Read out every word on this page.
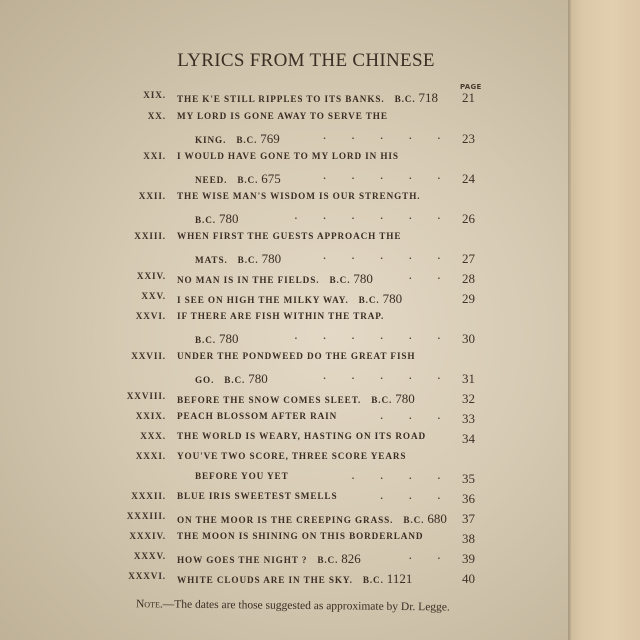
LYRICS FROM THE CHINESE
PAGE
XIX. THE K'E STILL RIPPLES TO ITS BANKS. B.C. 718 21
XX. MY LORD IS GONE AWAY TO SERVE THE
KING. B.C. 769	. . . . . 23
XXI. I WOULD HAVE GONE TO MY LORD IN HIS
NEED. B.C. 675	. . . . . 24
XXII. THE WISE MAN'S WISDOM IS OUR STRENGTH.
B.C. 780	. . . . . . 26
XXIII. WHEN FIRST THE GUESTS APPROACH THE
MATS. B.C. 780	. . . . . 27
XXIV. NO MAN IS IN THE FIELDS. B.C. 780	. . 28
XXV. I SEE ON HIGH THE MILKY WAY. B.C. 780	29
XXVI. IF THERE ARE FISH WITHIN THE TRAP.
B.C. 780	. . . . . . 30
XXVII. UNDER THE PONDWEED DO THE GREAT FISH
GO. B.C. 780	. . . . . 31
XXVIII. BEFORE THE SNOW COMES SLEET. B.C. 780	32
XXIX. PEACH BLOSSOM AFTER RAIN	. . . 33
XXX. THE WORLD IS WEARY, HASTING ON ITS ROAD	34
XXXI. YOU'VE TWO SCORE, THREE SCORE YEARS
BEFORE YOU YET	. . . . 35
XXXII. BLUE IRIS SWEETEST SMELLS	. . . 36
XXXIII. ON THE MOOR IS THE CREEPING GRASS. B.C. 680 37
XXXIV. THE MOON IS SHINING ON THIS BORDERLAND	38
XXXV. HOW GOES THE NIGHT ? B.C. 826	. . 39
XXXVI. WHITE CLOUDS ARE IN THE SKY. B.C. 1121	40
Note.—The dates are those suggested as approximate by Dr. Legge.
